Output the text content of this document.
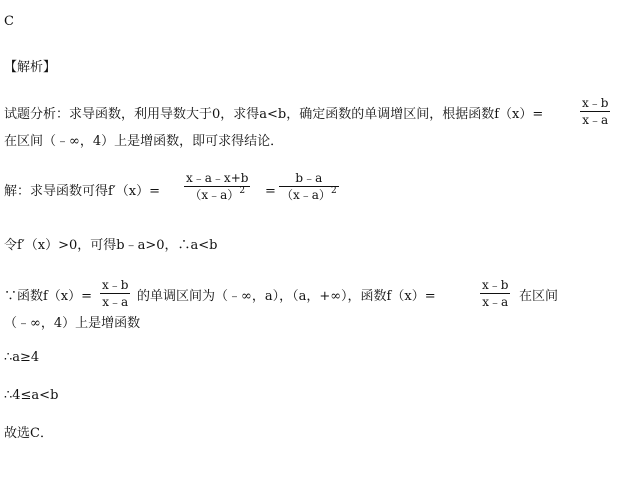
C
【解析】
试题分析：求导函数，利用导数大于0，求得a<b，确定函数的单调增区间，根据函数f（x）=	$\frac{x﹣b}{x﹣a}$
在区间（﹣∞，4）上是增函数，即可求得结论．
解：求导函数可得$f'(x)= \frac{x﹣a﹣x+b}{(x﹣a)^2} = \frac{b﹣a}{(x﹣a)^2}$
令f′（x）>0，可得b﹣a>0，∴a<b
∵函数$f(x)= \frac{x﹣b}{x﹣a}$ 的单调区间为（﹣∞，a），（a，+∞），函数f（x）=	$\frac{x﹣b}{x﹣a}$ 在区间
（﹣∞，4）上是增函数
∴a≥4
∴4≤a<b
故选C．
